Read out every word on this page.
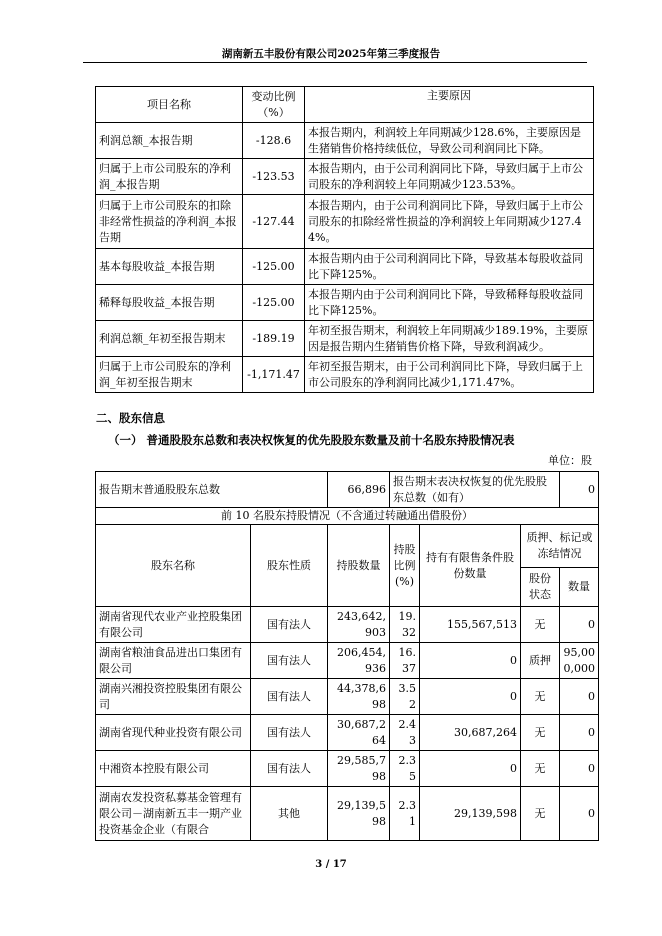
湖南新五丰股份有限公司2025年第三季度报告
项目名称	变动比例（%）	主要原因
利润总额_本报告期	-128.6	本报告期内，利润较上年同期减少128.6%，主要原因是生猪销售价格持续低位，导致公司利润同比下降。
归属于上市公司股东的净利润_本报告期	-123.53	本报告期内，由于公司利润同比下降，导致归属于上市公司股东的净利润较上年同期减少123.53%。
归属于上市公司股东的扣除非经常性损益的净利润_本报告期	-127.44	本报告期内，由于公司利润同比下降，导致归属于上市公司股东的扣除经常性损益的净利润较上年同期减少127.44%。
基本每股收益_本报告期	-125.00	本报告期内由于公司利润同比下降，导致基本每股收益同比下降125%。
稀释每股收益_本报告期	-125.00	本报告期内由于公司利润同比下降，导致稀释每股收益同比下降125%。
利润总额_年初至报告期末	-189.19	年初至报告期末，利润较上年同期减少189.19%，主要原因是报告期内生猪销售价格下降，导致利润减少。
归属于上市公司股东的净利润_年初至报告期末	-1,171.47	年初至报告期末，由于公司利润同比下降，导致归属于上市公司股东的净利润同比减少1,171.47%。
二、股东信息
（一） 普通股股东总数和表决权恢复的优先股股东数量及前十名股东持股情况表
单位：股
报告期末普通股股东总数		66,896	报告期末表决权恢复的优先股股东总数（如有）			0
前 10 名股东持股情况（不含通过转融通出借股份）						
股东名称	股东性质	持股数量	持股比例(%)	持有有限售条件股份数量	质押、标记或冻结情况	
					股份状态	数量
湖南省现代农业产业控股集团有限公司	国有法人	243,642,903	19.32	155,567,513	无	0
湖南省粮油食品进出口集团有限公司	国有法人	206,454,936	16.37	0	质押	95,000,000
湖南兴湘投资控股集团有限公司	国有法人	44,378,698	3.52	0	无	0
湖南省现代种业投资有限公司	国有法人	30,687,264	2.43	30,687,264	无	0
中湘资本控股有限公司	国有法人	29,585,798	2.35	0	无	0
湖南农发投资私募基金管理有限公司－湖南新五丰一期产业投资基金企业（有限合	其他	29,139,598	2.31	29,139,598	无	0
3 / 17
